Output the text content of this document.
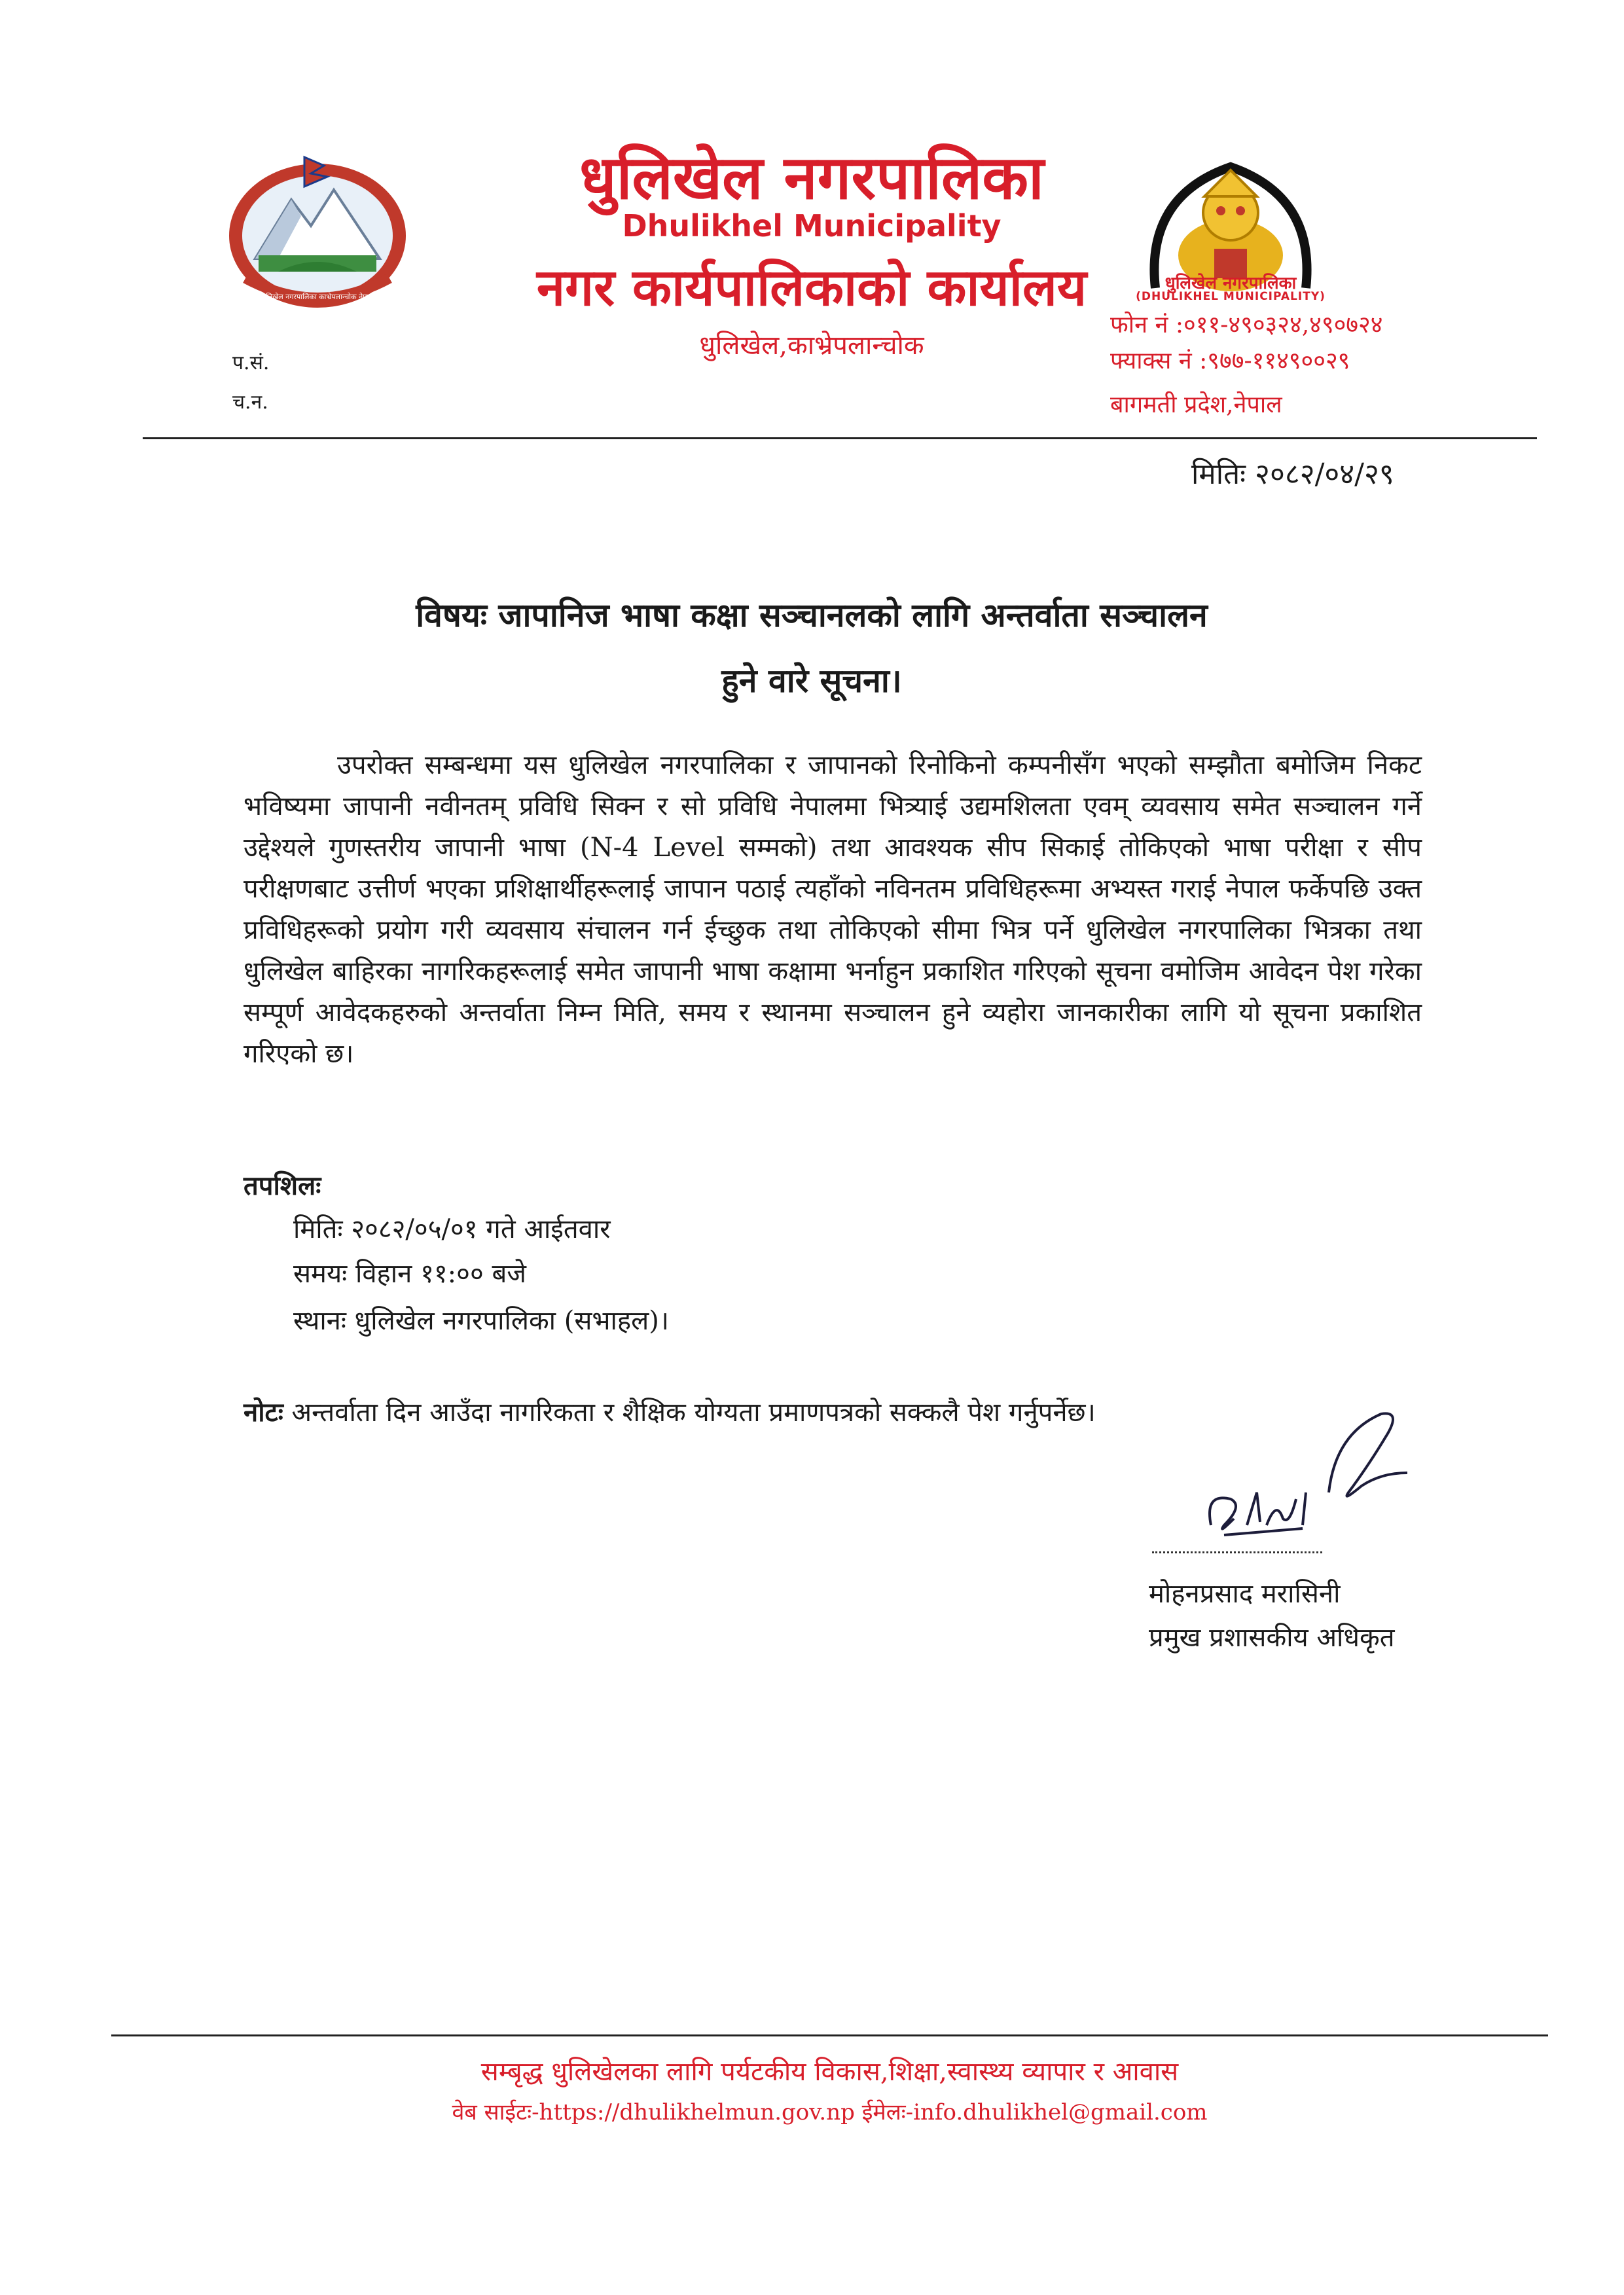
धुलिखेल नगरपालिका काभ्रेपलान्चोक नेपाल
धुलिखेल नगरपालिका
(DHULIKHEL MUNICIPALITY)
धुलिखेल नगरपालिका
Dhulikhel Municipality
नगर कार्यपालिकाको कार्यालय
धुलिखेल,काभ्रेपलान्चोक
फोन नं :०११-४९०३२४,४९०७२४
फ्याक्स नं :९७७-११४९००२९
बागमती प्रदेश,नेपाल
प.सं.
च.न.
मितिः २०८२/०४/२९
विषयः जापानिज भाषा कक्षा सञ्चानलको लागि अन्तर्वाता सञ्चालन
हुने वारे सूचना।
उपरोक्त सम्बन्धमा यस धुलिखेल नगरपालिका र जापानको रिनोकिनो कम्पनीसँग भएको सम्झौता बमोजिम निकट भविष्यमा जापानी नवीनतम् प्रविधि सिक्न र सो प्रविधि नेपालमा भित्र्याई उद्यमशिलता एवम् व्यवसाय समेत सञ्चालन गर्ने उद्देश्यले गुणस्तरीय जापानी भाषा (N-4 Level सम्मको) तथा आवश्यक सीप सिकाई तोकिएको भाषा परीक्षा र सीप परीक्षणबाट उत्तीर्ण भएका प्रशिक्षार्थीहरूलाई जापान पठाई त्यहाँको नविनतम प्रविधिहरूमा अभ्यस्त गराई नेपाल फर्केपछि उक्त प्रविधिहरूको प्रयोग गरी व्यवसाय संचालन गर्न ईच्छुक तथा तोकिएको सीमा भित्र पर्ने धुलिखेल नगरपालिका भित्रका तथा धुलिखेल बाहिरका नागरिकहरूलाई समेत जापानी भाषा कक्षामा भर्नाहुन प्रकाशित गरिएको सूचना वमोजिम आवेदन पेश गरेका सम्पूर्ण आवेदकहरुको अन्तर्वाता निम्न मिति, समय र स्थानमा सञ्चालन हुने व्यहोरा जानकारीका लागि यो सूचना प्रकाशित गरिएको छ।
तपशिलः
मितिः २०८२/०५/०१ गते आईतवार
समयः विहान ११:०० बजे
स्थानः धुलिखेल नगरपालिका (सभाहल)।
नोटः अन्तर्वाता दिन आउँदा नागरिकता र शैक्षिक योग्यता प्रमाणपत्रको सक्कलै पेश गर्नुपर्नेछ।
मोहनप्रसाद मरासिनी
प्रमुख प्रशासकीय अधिकृत
सम्बृद्ध धुलिखेलका लागि पर्यटकीय विकास,शिक्षा,स्वास्थ्य व्यापार र आवास
वेब साईटः-https://dhulikhelmun.gov.np ईमेलः-info.dhulikhel@gmail.com
